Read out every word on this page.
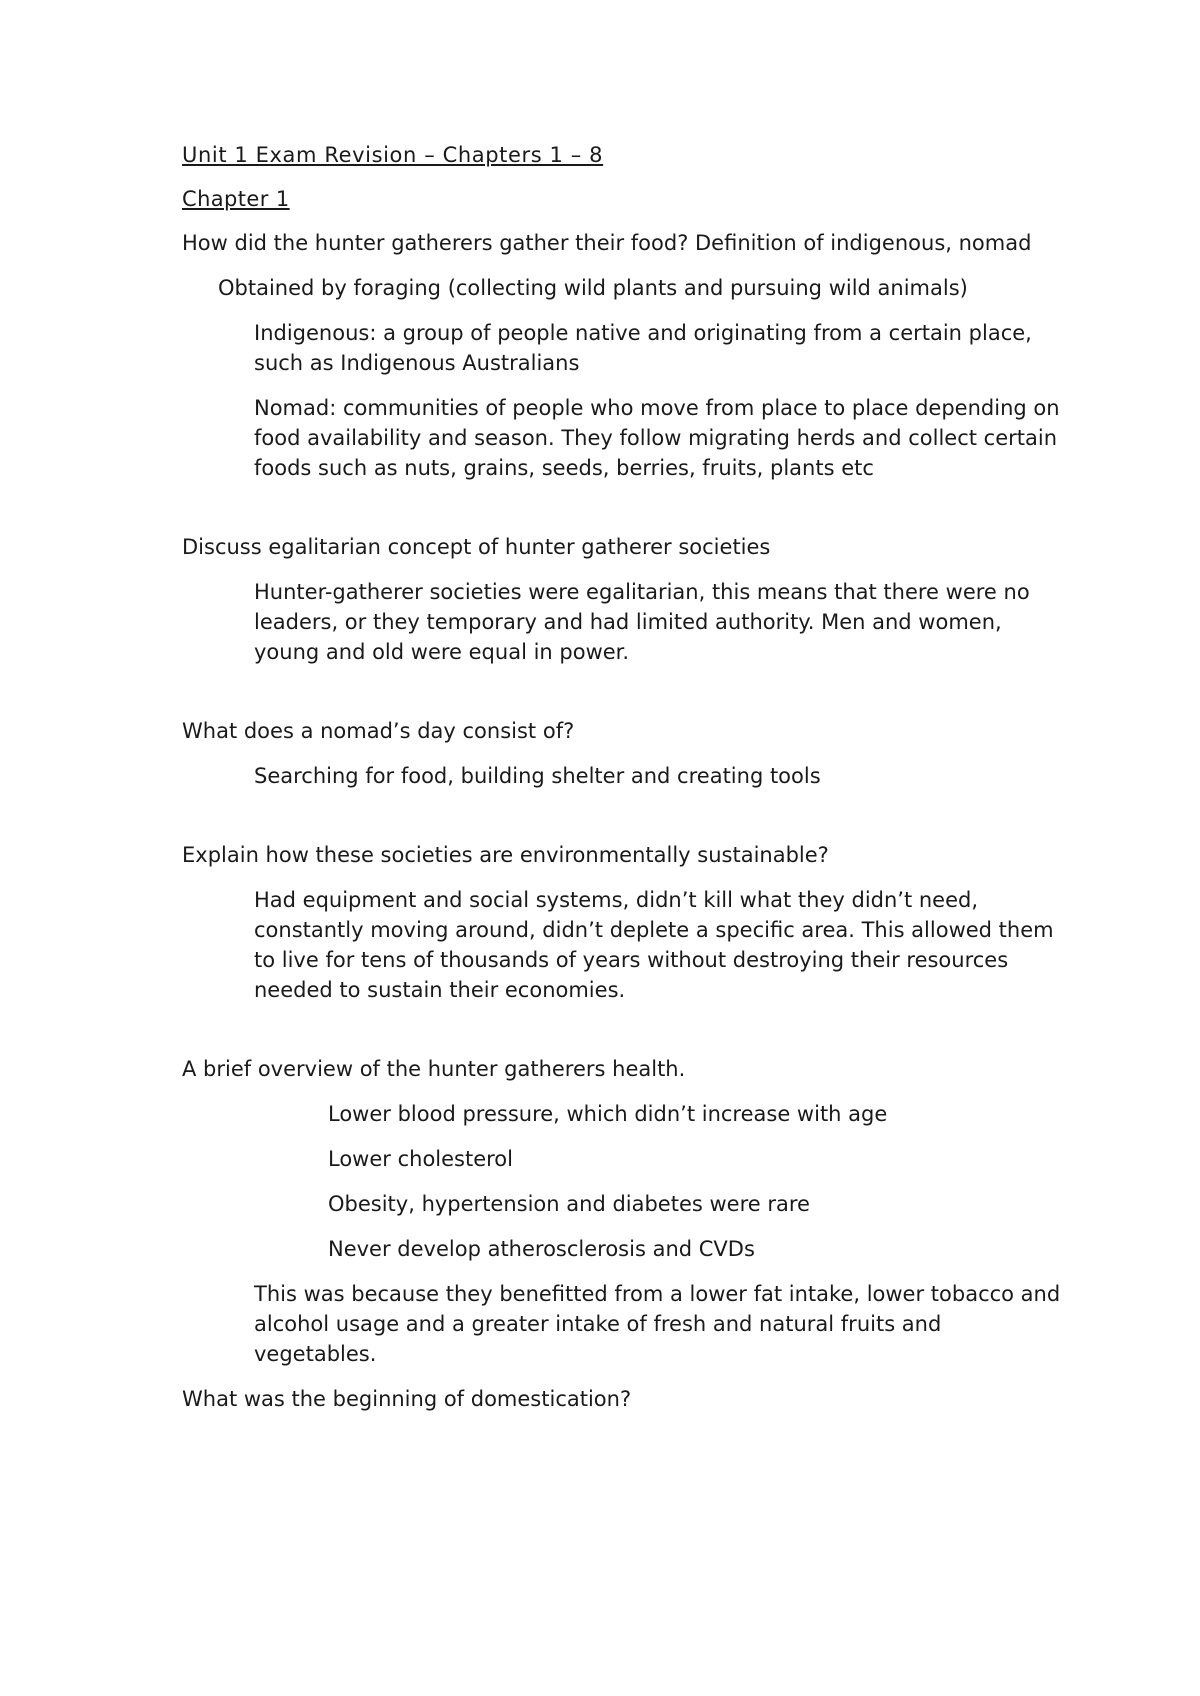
Unit 1 Exam Revision – Chapters 1 – 8

Chapter 1

How did the hunter gatherers gather their food? Definition of indigenous, nomad

Obtained by foraging (collecting wild plants and pursuing wild animals)

Indigenous: a group of people native and originating from a certain place, such as Indigenous Australians

Nomad: communities of people who move from place to place depending on food availability and season. They follow migrating herds and collect certain foods such as nuts, grains, seeds, berries, fruits, plants etc

Discuss egalitarian concept of hunter gatherer societies

Hunter-gatherer societies were egalitarian, this means that there were no leaders, or they temporary and had limited authority. Men and women, young and old were equal in power.

What does a nomad’s day consist of?

Searching for food, building shelter and creating tools

Explain how these societies are environmentally sustainable?

Had equipment and social systems, didn’t kill what they didn’t need, constantly moving around, didn’t deplete a specific area. This allowed them to live for tens of thousands of years without destroying their resources needed to sustain their economies.

A brief overview of the hunter gatherers health.

Lower blood pressure, which didn’t increase with age

Lower cholesterol

Obesity, hypertension and diabetes were rare

Never develop atherosclerosis and CVDs

This was because they benefitted from a lower fat intake, lower tobacco and alcohol usage and a greater intake of fresh and natural fruits and vegetables.

What was the beginning of domestication?
